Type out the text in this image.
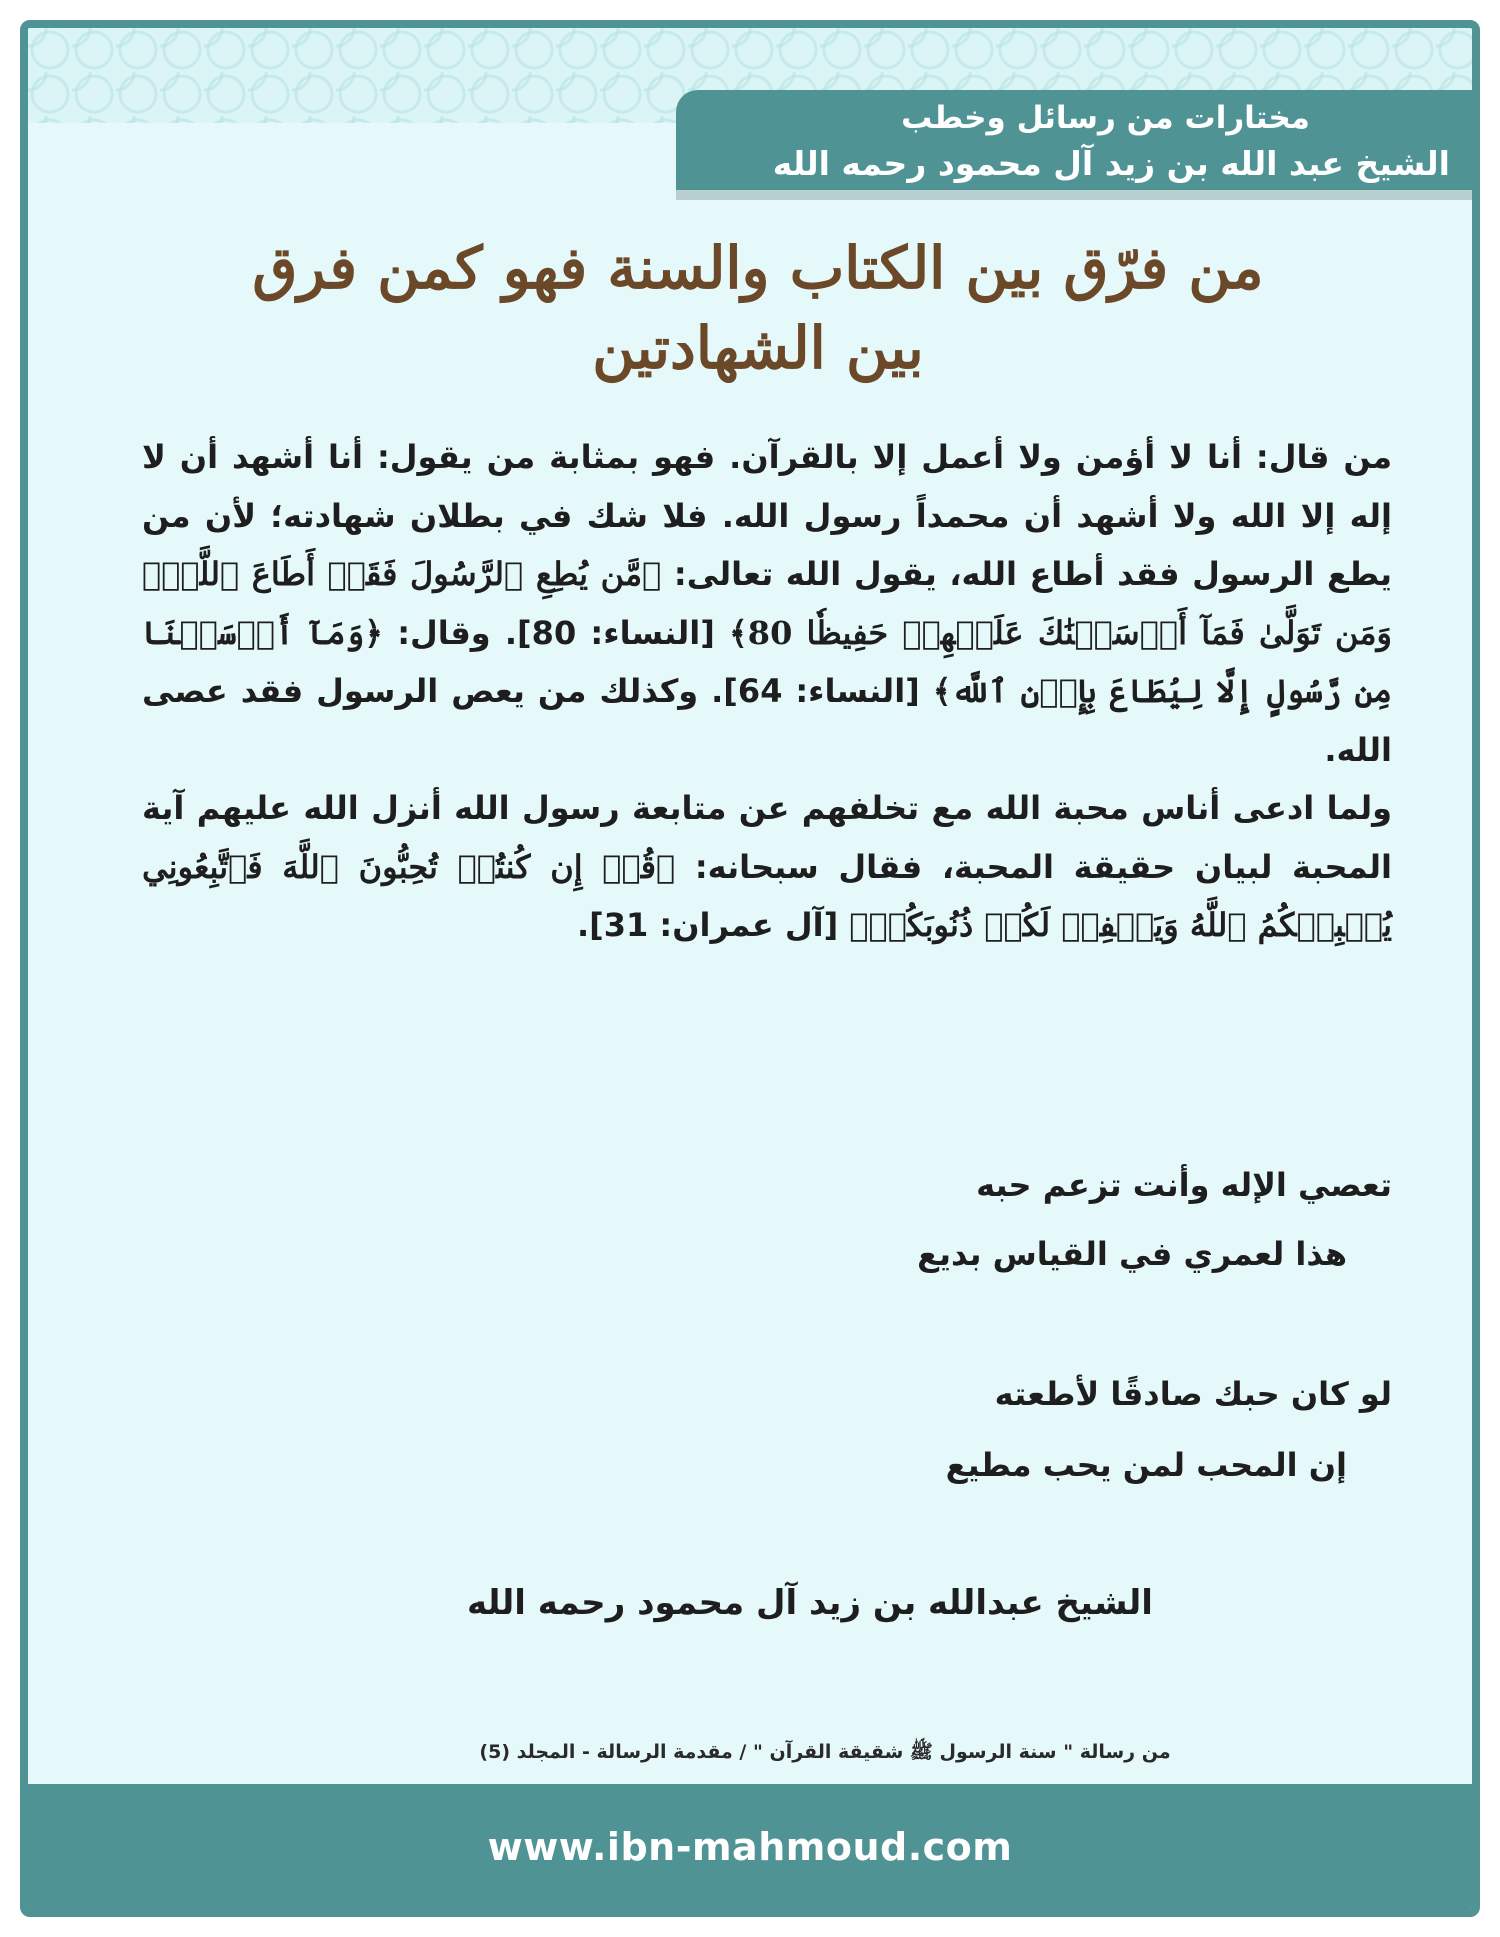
مختارات من رسائل وخطب
الشيخ عبد الله بن زيد آل محمود رحمه الله
من فرّق بين الكتاب والسنة فهو كمن فرق
بين الشهادتين

من قال: أنا لا أؤمن ولا أعمل إلا بالقرآن. فهو بمثابة من يقول: أنا أشهد أن لا إله إلا الله ولا أشهد أن محمداً رسول الله. فلا شك في بطلان شهادته؛ لأن من يطع الرسول فقد أطاع الله، يقول الله تعالى: ﴿مَّن يُطِعِ ٱلرَّسُولَ فَقَدۡ أَطَاعَ ٱللَّهَۖ وَمَن تَوَلَّىٰ فَمَآ أَرۡسَلۡنَٰكَ عَلَيۡهِمۡ حَفِيظٗا 80﴾ [النساء: 80]. وقال: ﴿وَمَآ أَرۡسَلۡنَا مِن رَّسُولٍ إِلَّا لِيُطَاعَ بِإِذۡنِ ٱللَّه﴾ [النساء: 64]. وكذلك من يعص الرسول فقد عصى الله.

ولما ادعى أناس محبة الله مع تخلفهم عن متابعة رسول الله أنزل الله عليهم آية المحبة لبيان حقيقة المحبة، فقال سبحانه: ﴿قُلۡ إِن كُنتُمۡ تُحِبُّونَ ٱللَّهَ فَٱتَّبِعُونِي يُحۡبِبۡكُمُ ٱللَّهُ وَيَغۡفِرۡ لَكُمۡ ذُنُوبَكُمۡ﴾ [آل عمران: 31].

تعصي الإله وأنت تزعم حبه
هذا لعمري في القياس بديع
لو كان حبك صادقًا لأطعته
إن المحب لمن يحب مطيع
الشيخ عبدالله بن زيد آل محمود رحمه الله
من رسالة " سنة الرسول ﷺ شقيقة القرآن " / مقدمة الرسالة - المجلد (5)
www.ibn-mahmoud.com
